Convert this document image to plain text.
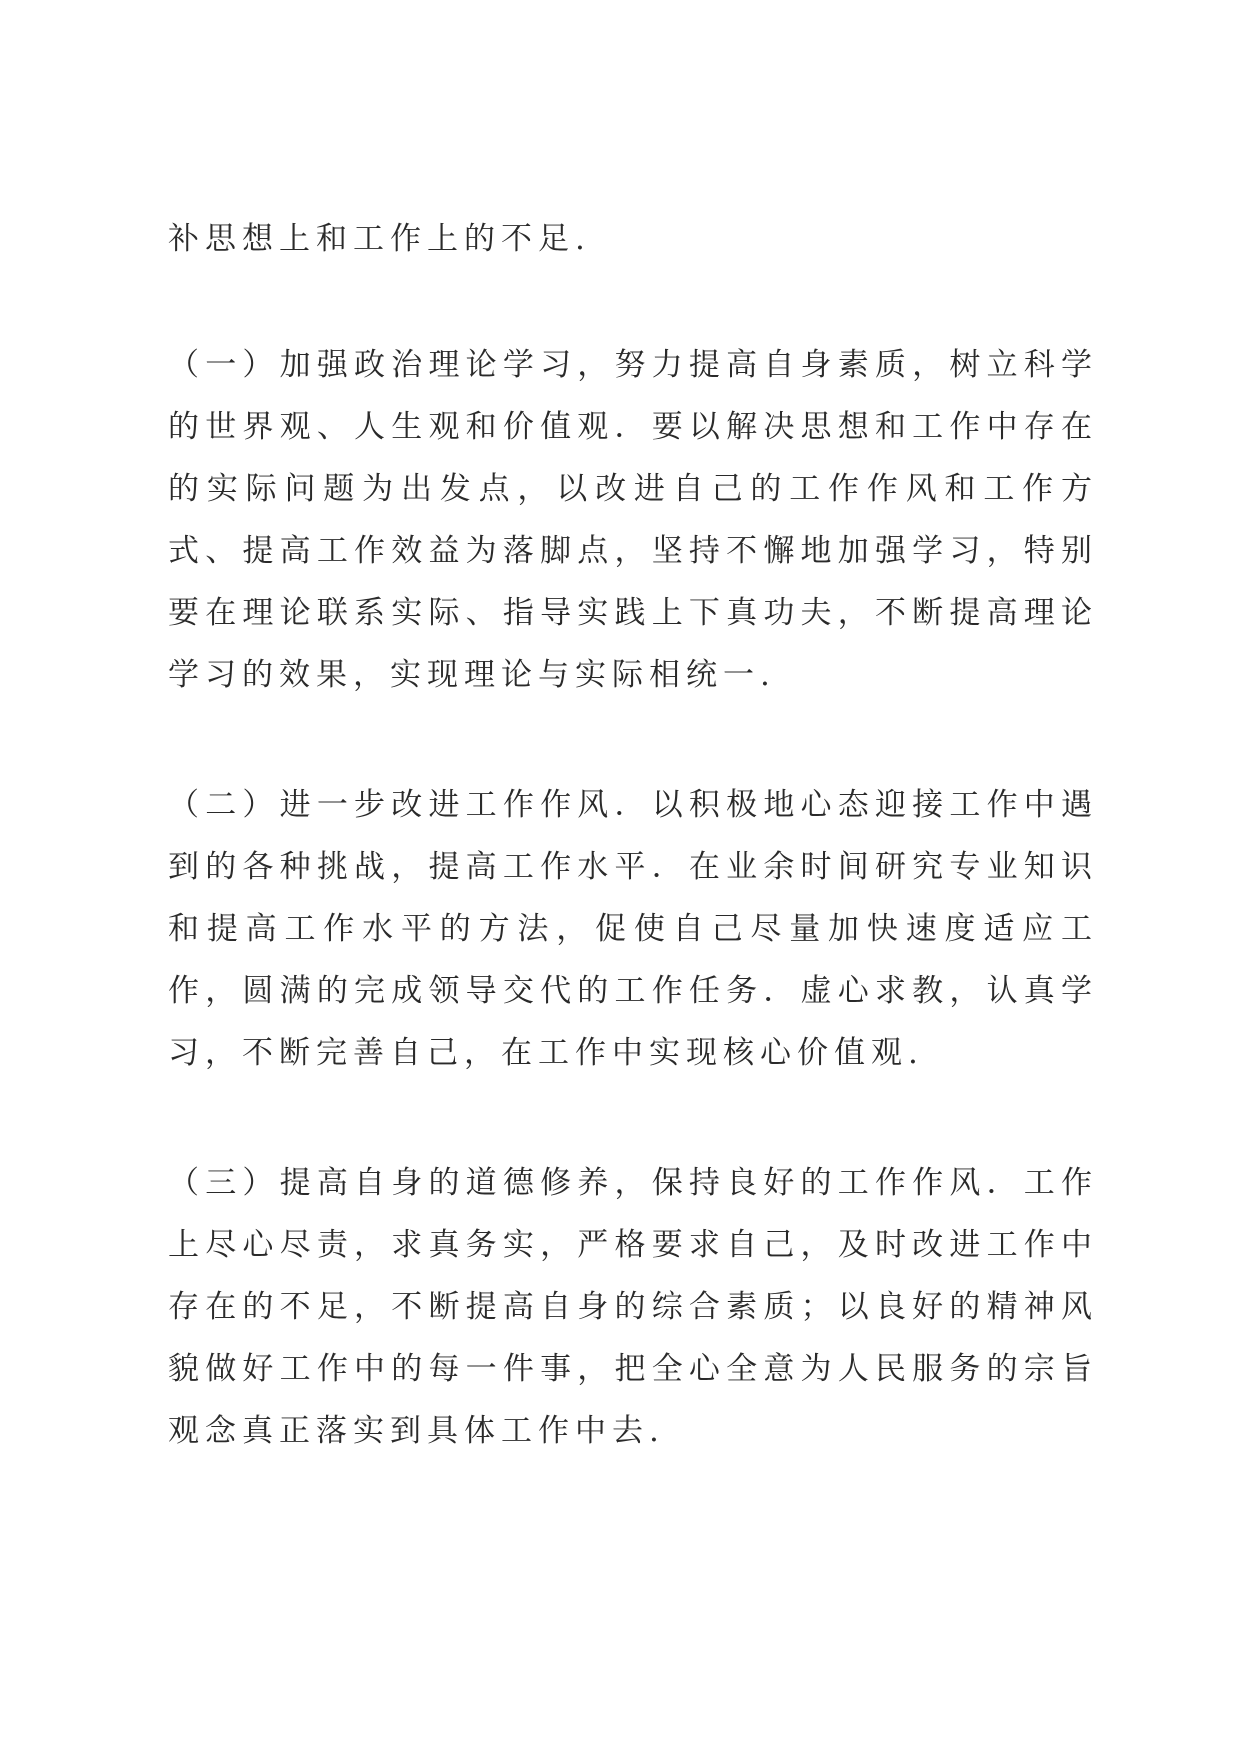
补思想上和工作上的不足.

（一）加强政治理论学习，努力提高自身素质，树立科学的世界观、人生观和价值观．要以解决思想和工作中存在的实际问题为出发点，以改进自己的工作作风和工作方式、提高工作效益为落脚点，坚持不懈地加强学习，特别要在理论联系实际、指导实践上下真功夫，不断提高理论学习的效果，实现理论与实际相统一.

（二）进一步改进工作作风．以积极地心态迎接工作中遇到的各种挑战，提高工作水平．在业余时间研究专业知识和提高工作水平的方法，促使自己尽量加快速度适应工作，圆满的完成领导交代的工作任务．虚心求教，认真学习，不断完善自己，在工作中实现核心价值观.

（三）提高自身的道德修养，保持良好的工作作风．工作上尽心尽责，求真务实，严格要求自己，及时改进工作中存在的不足，不断提高自身的综合素质；以良好的精神风貌做好工作中的每一件事，把全心全意为人民服务的宗旨观念真正落实到具体工作中去.
